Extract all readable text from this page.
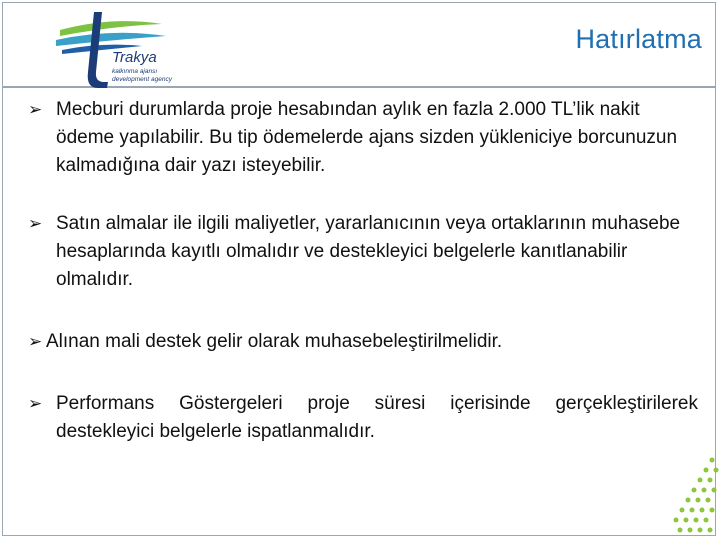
Trakya
kalkınma ajansı
development agency
Hatırlatma
➢ Mecburi durumlarda proje hesabından aylık en fazla 2.000 TL’lik nakit ödeme yapılabilir. Bu tip ödemelerde ajans sizden yükleniciye borcunuzun kalmadığına dair yazı isteyebilir.
➢ Satın almalar ile ilgili maliyetler, yararlanıcının veya ortaklarının muhasebe hesaplarında kayıtlı olmalıdır ve destekleyici belgelerle kanıtlanabilir olmalıdır.
➢ Alınan mali destek gelir olarak muhasebeleştirilmelidir.
➢ Performans Göstergeleri proje süresi içerisinde gerçekleştirilerek destekleyici belgelerle ispatlanmalıdır.
